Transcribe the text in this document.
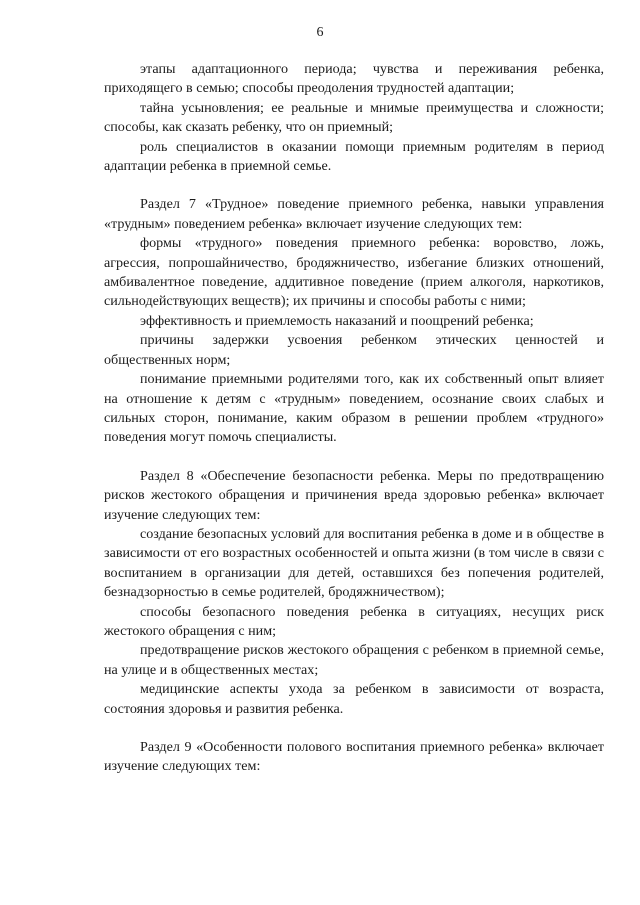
6

этапы адаптационного периода; чувства и переживания ребенка, приходящего в семью; способы преодоления трудностей адаптации;

тайна усыновления; ее реальные и мнимые преимущества и сложности; способы, как сказать ребенку, что он приемный;

роль специалистов в оказании помощи приемным родителям в период адаптации ребенка в приемной семье.

Раздел 7 «Трудное» поведение приемного ребенка, навыки управления «трудным» поведением ребенка» включает изучение следующих тем:

формы «трудного» поведения приемного ребенка: воровство, ложь, агрессия, попрошайничество, бродяжничество, избегание близких отношений, амбивалентное поведение, аддитивное поведение (прием алкоголя, наркотиков, сильнодействующих веществ); их причины и способы работы с ними;

эффективность и приемлемость наказаний и поощрений ребенка;

причины задержки усвоения ребенком этических ценностей и общественных норм;

понимание приемными родителями того, как их собственный опыт влияет на отношение к детям с «трудным» поведением, осознание своих слабых и сильных сторон, понимание, каким образом в решении проблем «трудного» поведения могут помочь специалисты.

Раздел 8 «Обеспечение безопасности ребенка. Меры по предотвращению рисков жестокого обращения и причинения вреда здоровью ребенка» включает изучение следующих тем:

создание безопасных условий для воспитания ребенка в доме и в обществе в зависимости от его возрастных особенностей и опыта жизни (в том числе в связи с воспитанием в организации для детей, оставшихся без попечения родителей, безнадзорностью в семье родителей, бродяжничеством);

способы безопасного поведения ребенка в ситуациях, несущих риск жестокого обращения с ним;

предотвращение рисков жестокого обращения с ребенком в приемной семье, на улице и в общественных местах;

медицинские аспекты ухода за ребенком в зависимости от возраста, состояния здоровья и развития ребенка.

Раздел 9 «Особенности полового воспитания приемного ребенка» включает изучение следующих тем:
